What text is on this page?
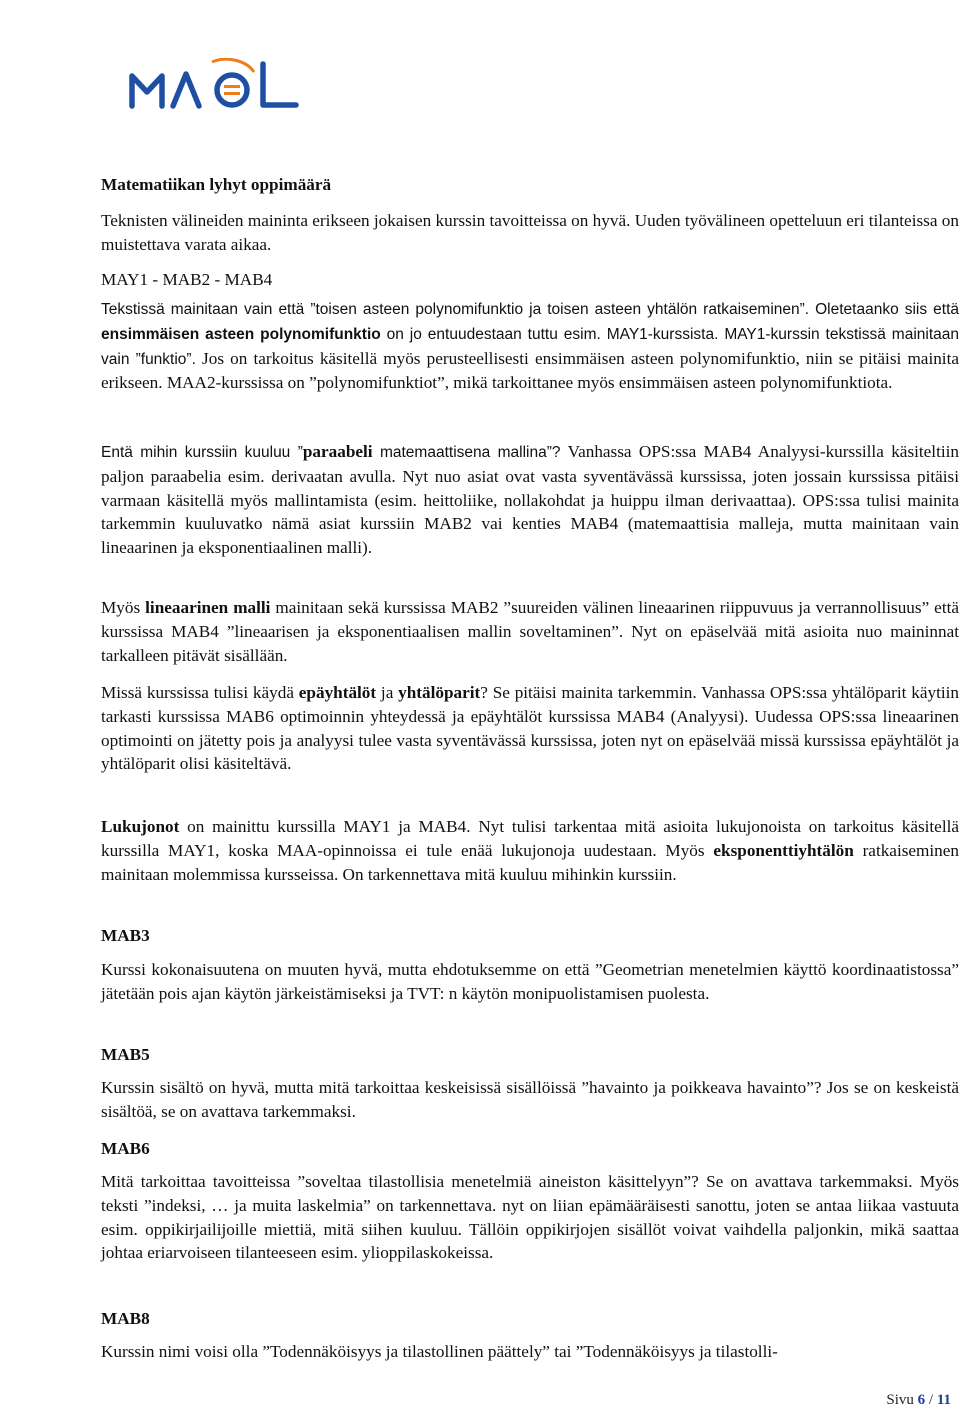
Matematiikan lyhyt oppimäärä

Teknisten välineiden maininta erikseen jokaisen kurssin tavoitteissa on hyvä. Uuden työvälineen opetteluun eri tilanteissa on muistettava varata aikaa.

MAY1 - MAB2 - MAB4

Tekstissä mainitaan vain että ”toisen asteen polynomifunktio ja toisen asteen yhtälön ratkaiseminen”. Oletetaanko siis että ensimmäisen asteen polynomifunktio on jo entuudestaan tuttu esim. MAY1-kurssista. MAY1-kurssin tekstissä mainitaan vain ”funktio”. Jos on tarkoitus käsitellä myös perusteellisesti ensimmäisen asteen polynomifunktio, niin se pitäisi mainita erikseen. MAA2-kurssissa on ”polynomifunktiot”, mikä tarkoittanee myös ensimmäisen asteen polynomifunktiota.

Entä mihin kurssiin kuuluu ”paraabeli matemaattisena mallina”? Vanhassa OPS:ssa MAB4 Analyysi-kurssilla käsiteltiin paljon paraabelia esim. derivaatan avulla. Nyt nuo asiat ovat vasta syventävässä kurssissa, joten jossain kurssissa pitäisi varmaan käsitellä myös mallintamista (esim. heittoliike, nollakohdat ja huippu ilman derivaattaa). OPS:ssa tulisi mainita tarkemmin kuuluvatko nämä asiat kurssiin MAB2 vai kenties MAB4 (matemaattisia malleja, mutta mainitaan vain lineaarinen ja eksponentiaalinen malli).

Myös lineaarinen malli mainitaan sekä kurssissa MAB2 ”suureiden välinen lineaarinen riippuvuus ja verrannollisuus” että kurssissa MAB4 ”lineaarisen ja eksponentiaalisen mallin soveltaminen”. Nyt on epäselvää mitä asioita nuo maininnat tarkalleen pitävät sisällään.

Missä kurssissa tulisi käydä epäyhtälöt ja yhtälöparit? Se pitäisi mainita tarkemmin. Vanhassa OPS:ssa yhtälöparit käytiin tarkasti kurssissa MAB6 optimoinnin yhteydessä ja epäyhtälöt kurssissa MAB4 (Analyysi). Uudessa OPS:ssa lineaarinen optimointi on jätetty pois ja analyysi tulee vasta syventävässä kurssissa, joten nyt on epäselvää missä kurssissa epäyhtälöt ja yhtälöparit olisi käsiteltävä.

Lukujonot on mainittu kurssilla MAY1 ja MAB4. Nyt tulisi tarkentaa mitä asioita lukujonoista on tarkoitus käsitellä kurssilla MAY1, koska MAA-opinnoissa ei tule enää lukujonoja uudestaan. Myös eksponenttiyhtälön ratkaiseminen mainitaan molemmissa kursseissa. On tarkennettava mitä kuuluu mihinkin kurssiin.

MAB3

Kurssi kokonaisuutena on muuten hyvä, mutta ehdotuksemme on että ”Geometrian menetelmien käyttö koordinaatistossa” jätetään pois ajan käytön järkeistämiseksi ja TVT: n käytön monipuolistamisen puolesta.

MAB5

Kurssin sisältö on hyvä, mutta mitä tarkoittaa keskeisissä sisällöissä ”havainto ja poikkeava havainto”? Jos se on keskeistä sisältöä, se on avattava tarkemmaksi.

MAB6

Mitä tarkoittaa tavoitteissa ”soveltaa tilastollisia menetelmiä aineiston käsittelyyn”? Se on avattava tarkemmaksi. Myös teksti ”indeksi, … ja muita laskelmia” on tarkennettava. nyt on liian epämääräisesti sanottu, joten se antaa liikaa vastuuta esim. oppikirjailijoille miettiä, mitä siihen kuuluu. Tällöin oppikirjojen sisällöt voivat vaihdella paljonkin, mikä saattaa johtaa eriarvoiseen tilanteeseen esim. ylioppilaskokeissa.

MAB8

Kurssin nimi voisi olla ”Todennäköisyys ja tilastollinen päättely” tai ”Todennäköisyys ja tilastolli-

Sivu 6 / 11
